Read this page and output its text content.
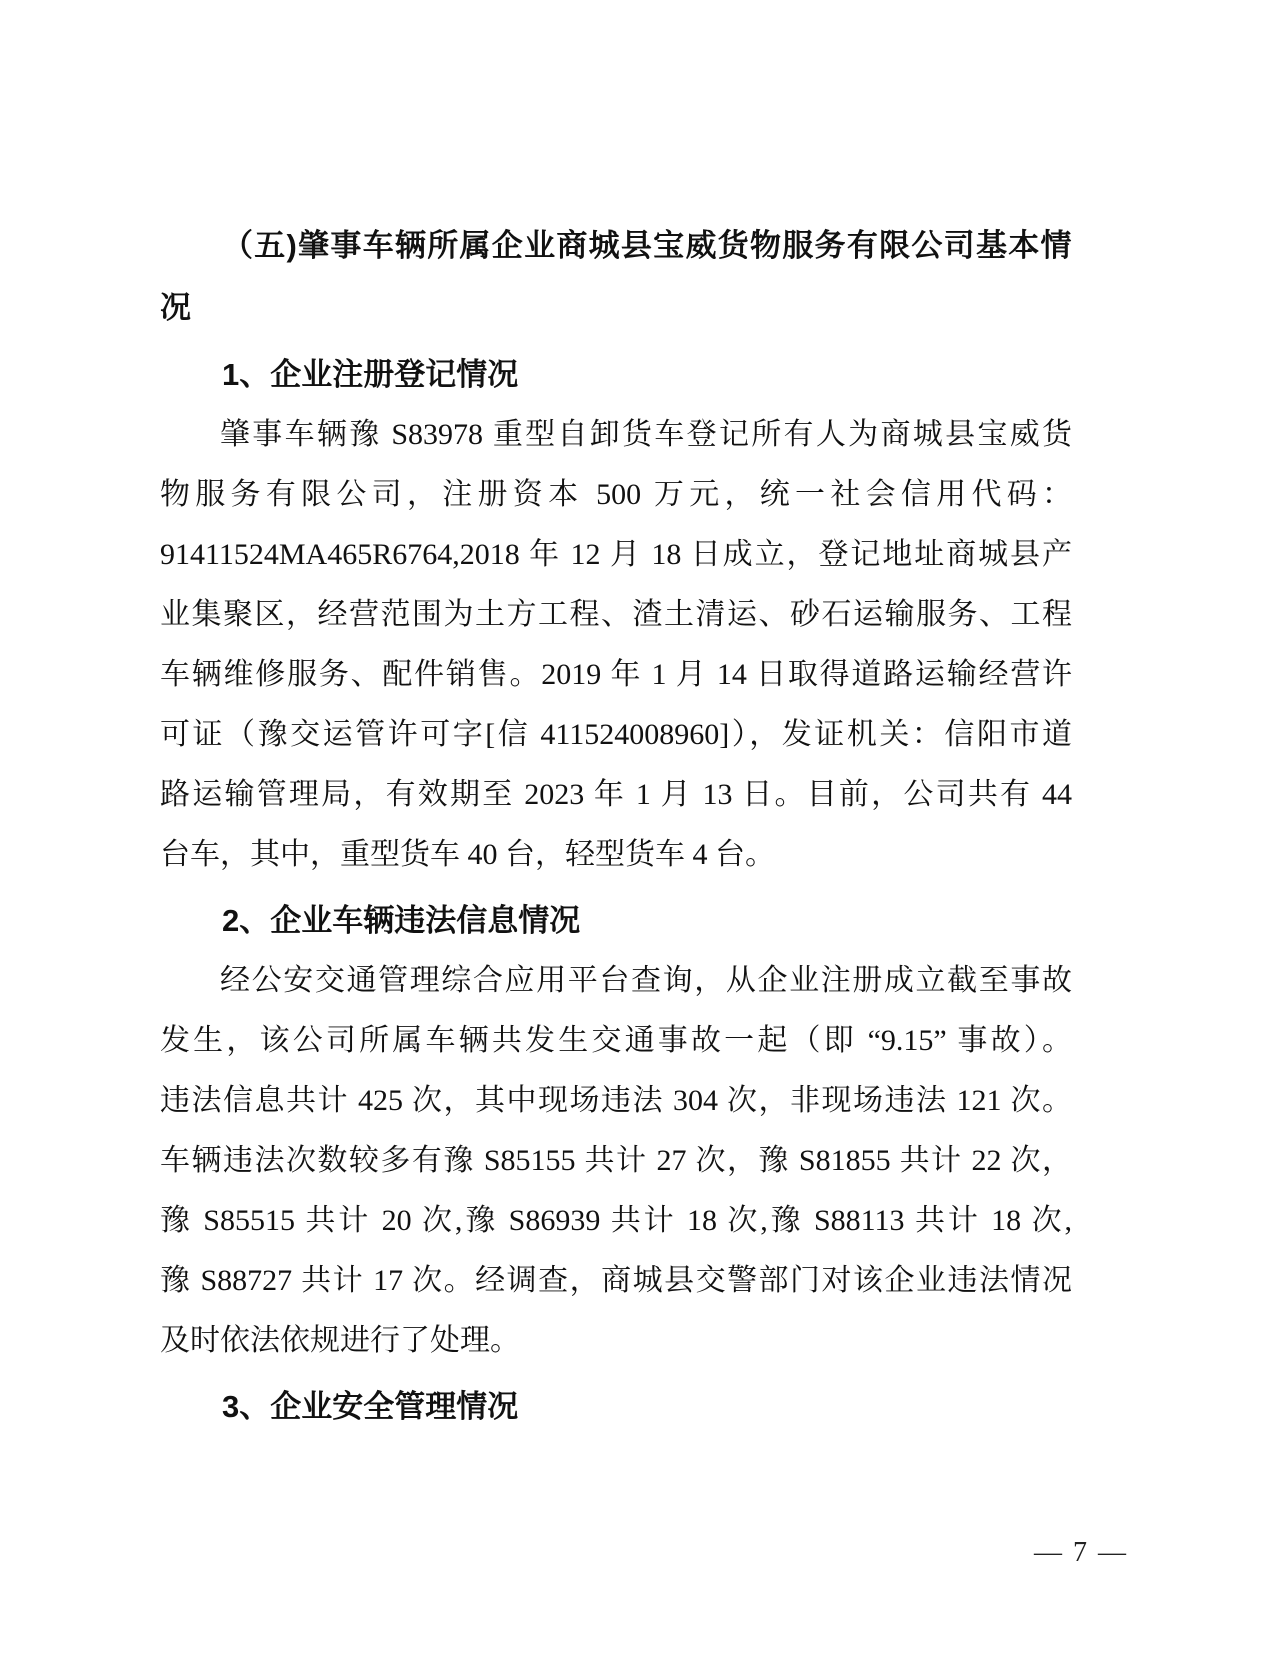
（五)肇事车辆所属企业商城县宝威货物服务有限公司基本情
况
1、企业注册登记情况
肇事车辆豫 S83978 重型自卸货车登记所有人为商城县宝威货
物服务有限公司，注册资本 500 万元，统一社会信用代码：
91411524MA465R6764,2018 年 12 月 18 日成立，登记地址商城县产
业集聚区，经营范围为土方工程、渣土清运、砂石运输服务、工程
车辆维修服务、配件销售。2019 年 1 月 14 日取得道路运输经营许
可证（豫交运管许可字[信 411524008960]），发证机关：信阳市道
路运输管理局，有效期至 2023 年 1 月 13 日。目前，公司共有 44
台车，其中，重型货车 40 台，轻型货车 4 台。
2、企业车辆违法信息情况
经公安交通管理综合应用平台查询，从企业注册成立截至事故
发生，该公司所属车辆共发生交通事故一起（即 “9.15” 事故）。
违法信息共计 425 次，其中现场违法 304 次，非现场违法 121 次。
车辆违法次数较多有豫 S85155 共计 27 次，豫 S81855 共计 22 次，
豫 S85515 共计 20 次,豫 S86939 共计 18 次,豫 S88113 共计 18 次,
豫 S88727 共计 17 次。经调查，商城县交警部门对该企业违法情况
及时依法依规进行了处理。
3、企业安全管理情况
— 7 —
